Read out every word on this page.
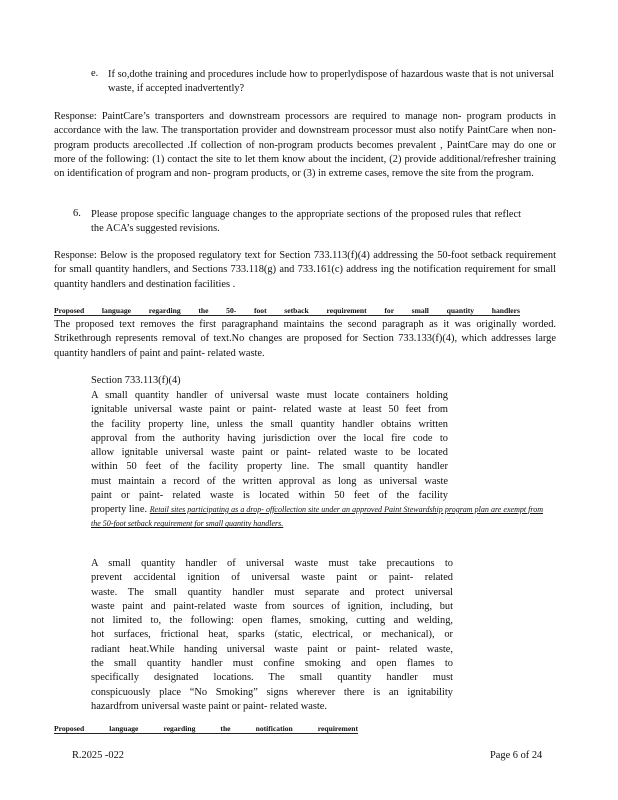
e. If so,dothe training and procedures include how to properlydispose of hazardous waste that is not universal waste, if accepted inadvertently?
Response: PaintCare’s transporters and downstream processors are required to manage non- program products in accordance with the law. The transportation provider and downstream processor must also notify PaintCare when non- program products arecollected .If collection of non-program products becomes prevalent , PaintCare may do one or more of the following: (1) contact the site to let them know about the incident, (2) provide additional/refresher training on identification of program and non- program products, or (3) in extreme cases, remove the site from the program.
6. Please propose specific language changes to the appropriate sections of the proposed rules that reflect the ACA’s suggested revisions.
Response: Below is the proposed regulatory text for Section 733.113(f)(4) addressing the 50-foot setback requirement for small quantity handlers, and Sections 733.118(g) and 733.161(c) address ing the notification requirement for small quantity handlers and destination facilities .
Proposed language regarding the 50- foot setback requirement for small quantity handlers
The proposed text removes the first paragraphand maintains the second paragraph as it was originally worded. Strikethrough represents removal of text.No changes are proposed for Section 733.133(f)(4), which addresses large quantity handlers of paint and paint- related waste.
Section 733.113(f)(4)
A small quantity handler of universal waste must locate containers holding
ignitable universal waste paint or paint- related waste at least 50 feet from
the facility property line, unless the small quantity handler obtains written
approval from the authority having jurisdiction over the local fire code to
allow ignitable universal waste paint or paint- related waste to be located
within 50 feet of the facility property line. The small quantity handler
must maintain a record of the written approval as long as universal waste
paint or paint- related waste is located within 50 feet of the facility
property line. Retail sites participating as a drop- offcollection site under an approved Paint Stewardship program plan are exempt from the 50-foot setback requirement for small quantity handlers.
A small quantity handler of universal waste must take precautions to
prevent accidental ignition of universal waste paint or paint- related
waste. The small quantity handler must separate and protect universal
waste paint and paint-related waste from sources of ignition, including, but
not limited to, the following: open flames, smoking, cutting and welding,
hot surfaces, frictional heat, sparks (static, electrical, or mechanical), or
radiant heat.While handing universal waste paint or paint- related waste,
the small quantity handler must confine smoking and open flames to
specifically designated locations. The small quantity handler must
conspicuously place “No Smoking” signs wherever there is an ignitability
hazardfrom universal waste paint or paint- related waste.
Proposed language regarding the notification requirement
R.2025 -022	Page 6 of 24
